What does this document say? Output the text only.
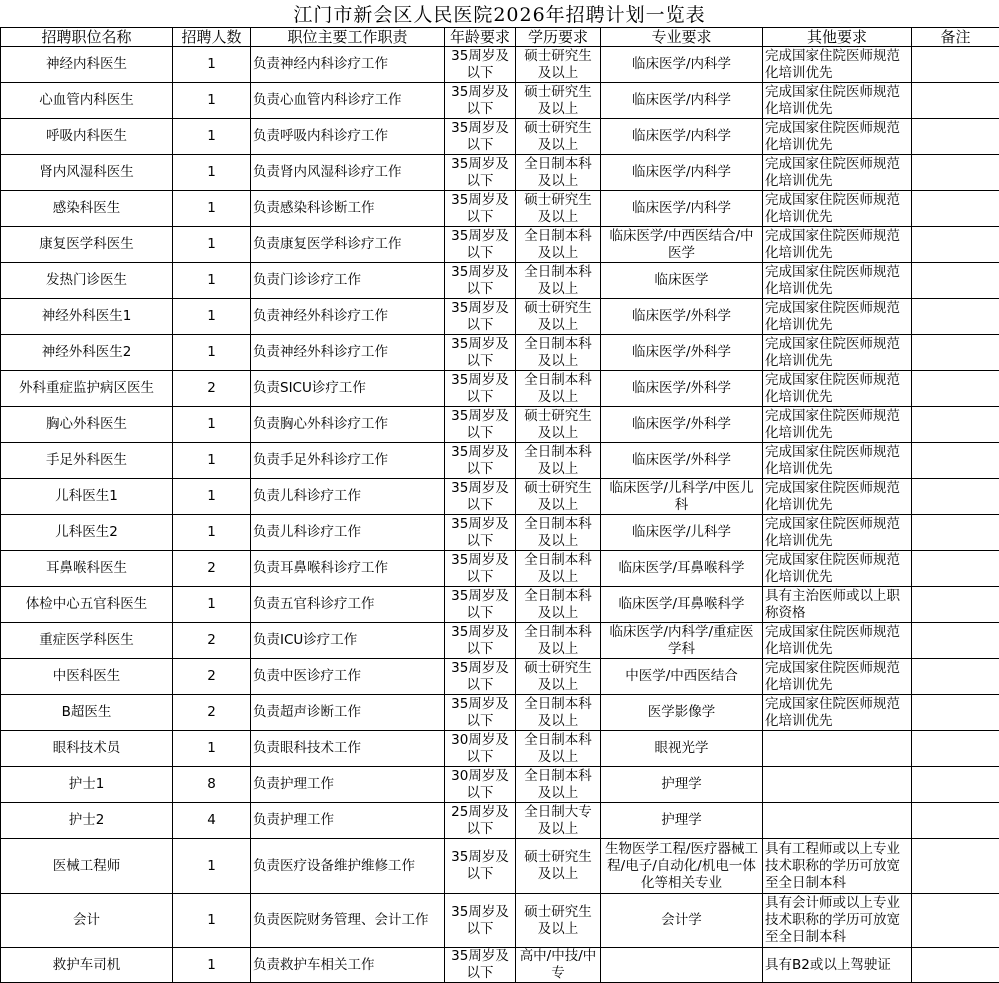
江门市新会区人民医院2026年招聘计划一览表
招聘职位名称	招聘人数	职位主要工作职责	年龄要求	学历要求	专业要求	其他要求	备注
神经内科医生	1	负责神经内科诊疗工作	35周岁及以下	硕士研究生及以上	临床医学/内科学	完成国家住院医师规范化培训优先	
心血管内科医生	1	负责心血管内科诊疗工作	35周岁及以下	硕士研究生及以上	临床医学/内科学	完成国家住院医师规范化培训优先	
呼吸内科医生	1	负责呼吸内科诊疗工作	35周岁及以下	硕士研究生及以上	临床医学/内科学	完成国家住院医师规范化培训优先	
肾内风湿科医生	1	负责肾内风湿科诊疗工作	35周岁及以下	全日制本科及以上	临床医学/内科学	完成国家住院医师规范化培训优先	
感染科医生	1	负责感染科诊断工作	35周岁及以下	硕士研究生及以上	临床医学/内科学	完成国家住院医师规范化培训优先	
康复医学科医生	1	负责康复医学科诊疗工作	35周岁及以下	全日制本科及以上	临床医学/中西医结合/中医学	完成国家住院医师规范化培训优先	
发热门诊医生	1	负责门诊诊疗工作	35周岁及以下	全日制本科及以上	临床医学	完成国家住院医师规范化培训优先	
神经外科医生1	1	负责神经外科诊疗工作	35周岁及以下	硕士研究生及以上	临床医学/外科学	完成国家住院医师规范化培训优先	
神经外科医生2	1	负责神经外科诊疗工作	35周岁及以下	全日制本科及以上	临床医学/外科学	完成国家住院医师规范化培训优先	
外科重症监护病区医生	2	负责SICU诊疗工作	35周岁及以下	全日制本科及以上	临床医学/外科学	完成国家住院医师规范化培训优先	
胸心外科医生	1	负责胸心外科诊疗工作	35周岁及以下	硕士研究生及以上	临床医学/外科学	完成国家住院医师规范化培训优先	
手足外科医生	1	负责手足外科诊疗工作	35周岁及以下	全日制本科及以上	临床医学/外科学	完成国家住院医师规范化培训优先	
儿科医生1	1	负责儿科诊疗工作	35周岁及以下	硕士研究生及以上	临床医学/儿科学/中医儿科	完成国家住院医师规范化培训优先	
儿科医生2	1	负责儿科诊疗工作	35周岁及以下	全日制本科及以上	临床医学/儿科学	完成国家住院医师规范化培训优先	
耳鼻喉科医生	2	负责耳鼻喉科诊疗工作	35周岁及以下	全日制本科及以上	临床医学/耳鼻喉科学	完成国家住院医师规范化培训优先	
体检中心五官科医生	1	负责五官科诊疗工作	35周岁及以下	全日制本科及以上	临床医学/耳鼻喉科学	具有主治医师或以上职称资格	
重症医学科医生	2	负责ICU诊疗工作	35周岁及以下	全日制本科及以上	临床医学/内科学/重症医学科	完成国家住院医师规范化培训优先	
中医科医生	2	负责中医诊疗工作	35周岁及以下	硕士研究生及以上	中医学/中西医结合	完成国家住院医师规范化培训优先	
B超医生	2	负责超声诊断工作	35周岁及以下	全日制本科及以上	医学影像学	完成国家住院医师规范化培训优先	
眼科技术员	1	负责眼科技术工作	30周岁及以下	全日制本科及以上	眼视光学		
护士1	8	负责护理工作	30周岁及以下	全日制本科及以上	护理学		
护士2	4	负责护理工作	25周岁及以下	全日制大专及以上	护理学		
医械工程师	1	负责医疗设备维护维修工作	35周岁及以下	硕士研究生及以上	生物医学工程/医疗器械工程/电子/自动化/机电一体化等相关专业	具有工程师或以上专业技术职称的学历可放宽至全日制本科	
会计	1	负责医院财务管理、会计工作	35周岁及以下	硕士研究生及以上	会计学	具有会计师或以上专业技术职称的学历可放宽至全日制本科	
救护车司机	1	负责救护车相关工作	35周岁及以下	高中/中技/中专		具有B2或以上驾驶证	
